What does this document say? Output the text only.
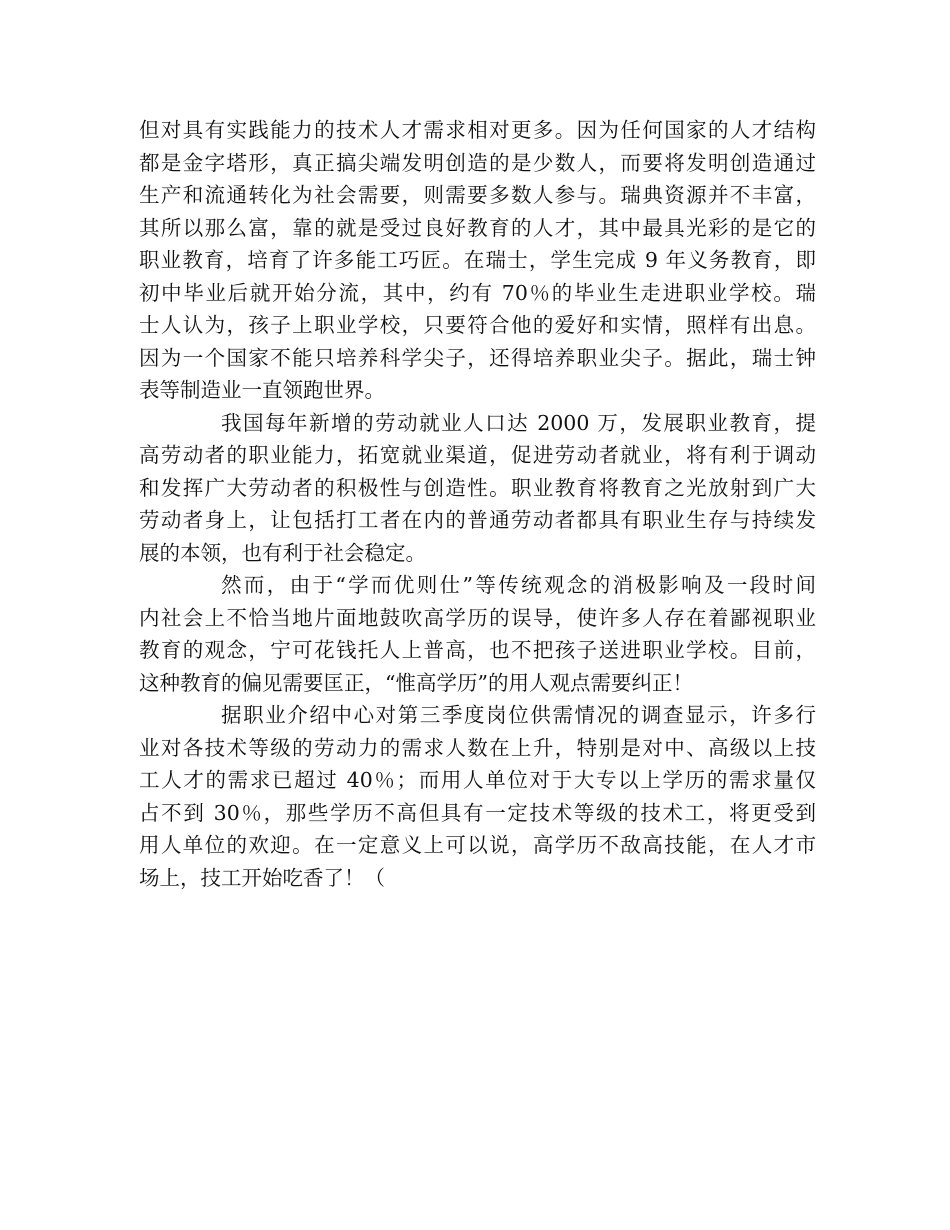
但对具有实践能力的技术人才需求相对更多。因为任何国家的人才结构
都是金字塔形，真正搞尖端发明创造的是少数人，而要将发明创造通过
生产和流通转化为社会需要，则需要多数人参与。瑞典资源并不丰富，
其所以那么富，靠的就是受过良好教育的人才，其中最具光彩的是它的
职业教育，培育了许多能工巧匠。在瑞士，学生完成 9 年义务教育，即
初中毕业后就开始分流，其中，约有 70％的毕业生走进职业学校。瑞
士人认为，孩子上职业学校，只要符合他的爱好和实情，照样有出息。
因为一个国家不能只培养科学尖子，还得培养职业尖子。据此，瑞士钟
表等制造业一直领跑世界。

我国每年新增的劳动就业人口达 2000 万，发展职业教育，提
高劳动者的职业能力，拓宽就业渠道，促进劳动者就业，将有利于调动
和发挥广大劳动者的积极性与创造性。职业教育将教育之光放射到广大
劳动者身上，让包括打工者在内的普通劳动者都具有职业生存与持续发
展的本领，也有利于社会稳定。

然而，由于“学而优则仕”等传统观念的消极影响及一段时间
内社会上不恰当地片面地鼓吹高学历的误导，使许多人存在着鄙视职业
教育的观念，宁可花钱托人上普高，也不把孩子送进职业学校。目前，
这种教育的偏见需要匡正，“惟高学历”的用人观点需要纠正！

据职业介绍中心对第三季度岗位供需情况的调查显示，许多行
业对各技术等级的劳动力的需求人数在上升，特别是对中、高级以上技
工人才的需求已超过 40％；而用人单位对于大专以上学历的需求量仅
占不到 30％，那些学历不高但具有一定技术等级的技术工，将更受到
用人单位的欢迎。在一定意义上可以说，高学历不敌高技能，在人才市
场上，技工开始吃香了！（
